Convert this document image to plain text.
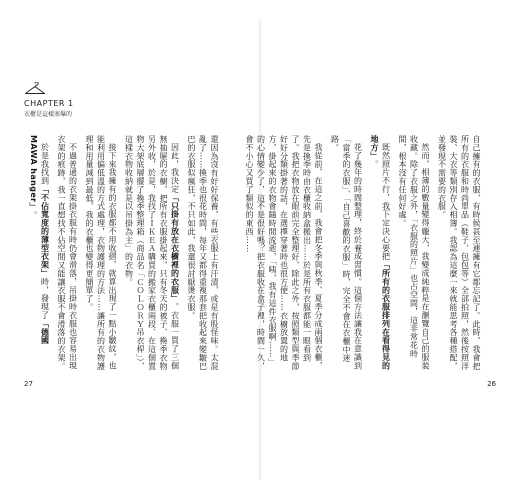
CHAPTER 1
衣櫃是這樣塞爆的

還因為沒有好好保養，有些衣服上有汗漬，或是有股怪味。太混亂了……換季也很花時間，每年又都得重複那套把收起來變皺巴巴的衣服似瘋狂，不只如此，我還很討厭燙衣服。

因此，我決定「只掛有放在衣櫥裡的衣服」。衣服一買了三個無抽屜的衣櫥，把所有衣服掛起來，只有冬天的被子、換季衣物另外收，於是，我找了ＩＫＥＡ購買的搬家衣櫃兩段、在這個置物大架底層擺了換季整理箱（商品名「ＣＯＬＯＲＹ吊衣桿」），這樣衣物收納就是以吊掛為主」的衣物。

接下來我擁有的衣服都不用收摺，就算出現了一點小皺紋，也能利用偏低溫的方式處理，衣物護理的方法……讓所有的衣物護理和用量減到最低，我的衣櫃也變得更簡單了。

不過普通的衣架掛衣服有時仍會滑落，吊掛時衣服也容易出現衣架的痕跡，我一直想找不佔空間又能讓衣服不會滑落的衣架。

於是我找到「不佔寬度的薄型衣架」時，發現了「德國MAWA hanger」。

27

自己擁有的衣服，有時候甚至連擁有它都忘記了。此時，我會把所有的衣服和時尚單品（鞋子、包包等）全部拍照，然後按照洋裝、大衣等類別存入相簿。我認為這麼一來就能思考各種搭配，並發現不需要的衣服。

然而，相簿的數量變得龐大，我變成純粹是在瀏覽自己的服裝收藏。除了衣服之外，「衣服的照片」也占空間，這非常花時間，根本沒有任何好處。

既然照片不行，我下定決心要把「所有的衣服排列在看得見的地方」。

花了幾年的時間整理，終於養成習慣。這個方法讓我在意識到「當季的衣服」、「自己喜歡的衣服」時，完全不會在衣櫃中迷路。

我從前，在這之前，我會把冬季與秋季、夏季分成兩個衣櫃，先是換季時由衣櫃收納盒搬出……於是所有衣服都能一眼看到了。我把衣物放在眼前完全整理好，除此之外，按照類型與季節好好分類掛著的話，在選擇穿著時也很方便……衣櫥放置的地方，掛起來的衣物會隨時間流逝，「咦，我有這件衣服啊……」的心情變少了，這不是很好嗎？把衣服收在盒子裡，時間一久，會不小心又買了類似的東西……

26
